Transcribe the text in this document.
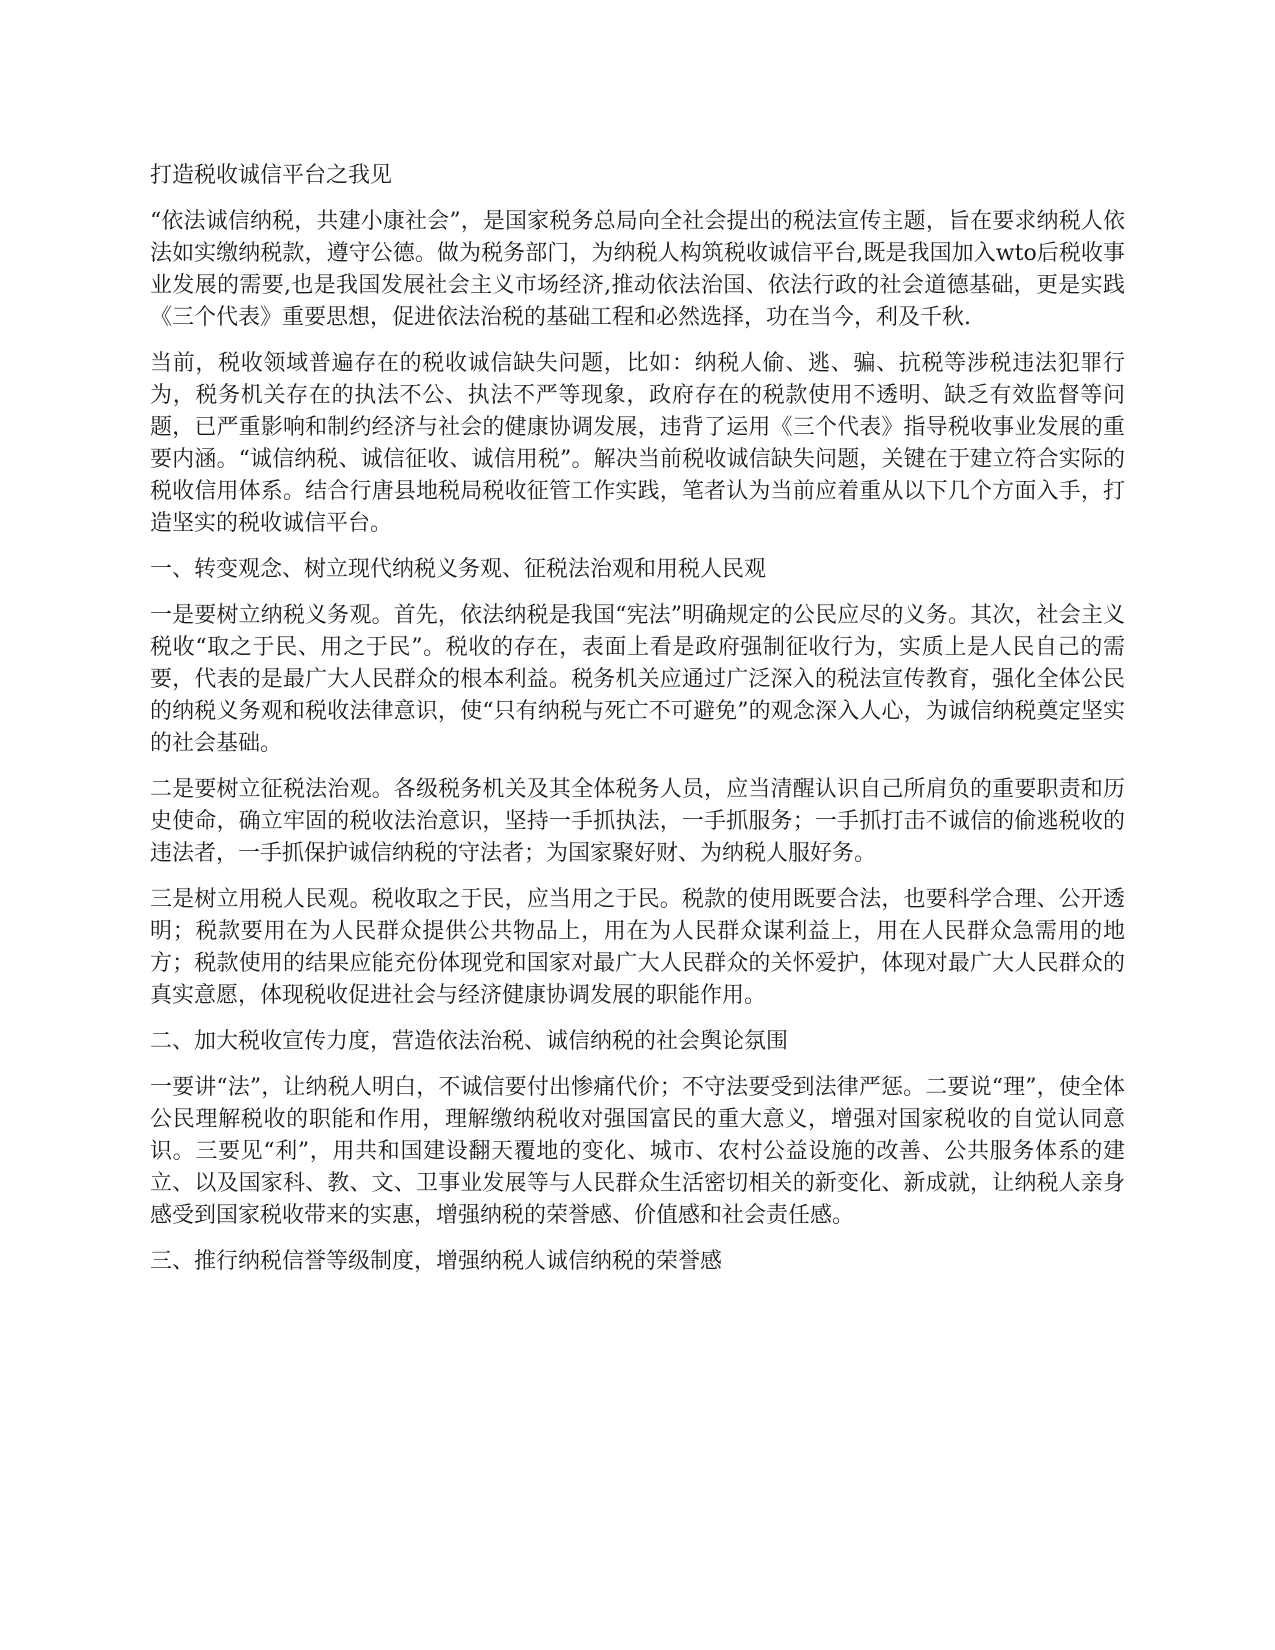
打造税收诚信平台之我见
“依法诚信纳税，共建小康社会”，是国家税务总局向全社会提出的税法宣传主题，旨在要求纳税人依法如实缴纳税款，遵守公德。做为税务部门，为纳税人构筑税收诚信平台,既是我国加入wto后税收事业发展的需要,也是我国发展社会主义市场经济,推动依法治国、依法行政的社会道德基础，更是实践《三个代表》重要思想，促进依法治税的基础工程和必然选择，功在当今，利及千秋.
当前，税收领域普遍存在的税收诚信缺失问题，比如：纳税人偷、逃、骗、抗税等涉税违法犯罪行为，税务机关存在的执法不公、执法不严等现象，政府存在的税款使用不透明、缺乏有效监督等问题，已严重影响和制约经济与社会的健康协调发展，违背了运用《三个代表》指导税收事业发展的重要内涵。“诚信纳税、诚信征收、诚信用税”。解决当前税收诚信缺失问题，关键在于建立符合实际的税收信用体系。结合行唐县地税局税收征管工作实践，笔者认为当前应着重从以下几个方面入手，打造坚实的税收诚信平台。
一、转变观念、树立现代纳税义务观、征税法治观和用税人民观
一是要树立纳税义务观。首先，依法纳税是我国“宪法”明确规定的公民应尽的义务。其次，社会主义税收“取之于民、用之于民”。税收的存在，表面上看是政府强制征收行为，实质上是人民自己的需要，代表的是最广大人民群众的根本利益。税务机关应通过广泛深入的税法宣传教育，强化全体公民的纳税义务观和税收法律意识，使“只有纳税与死亡不可避免”的观念深入人心，为诚信纳税奠定坚实的社会基础。
二是要树立征税法治观。各级税务机关及其全体税务人员，应当清醒认识自己所肩负的重要职责和历史使命，确立牢固的税收法治意识，坚持一手抓执法，一手抓服务；一手抓打击不诚信的偷逃税收的违法者，一手抓保护诚信纳税的守法者；为国家聚好财、为纳税人服好务。
三是树立用税人民观。税收取之于民，应当用之于民。税款的使用既要合法，也要科学合理、公开透明；税款要用在为人民群众提供公共物品上，用在为人民群众谋利益上，用在人民群众急需用的地方；税款使用的结果应能充份体现党和国家对最广大人民群众的关怀爱护，体现对最广大人民群众的真实意愿，体现税收促进社会与经济健康协调发展的职能作用。
二、加大税收宣传力度，营造依法治税、诚信纳税的社会舆论氛围
一要讲“法”，让纳税人明白，不诚信要付出惨痛代价；不守法要受到法律严惩。二要说“理”，使全体公民理解税收的职能和作用，理解缴纳税收对强国富民的重大意义，增强对国家税收的自觉认同意识。三要见“利”，用共和国建设翻天覆地的变化、城市、农村公益设施的改善、公共服务体系的建立、以及国家科、教、文、卫事业发展等与人民群众生活密切相关的新变化、新成就，让纳税人亲身感受到国家税收带来的实惠，增强纳税的荣誉感、价值感和社会责任感。
三、推行纳税信誉等级制度，增强纳税人诚信纳税的荣誉感
